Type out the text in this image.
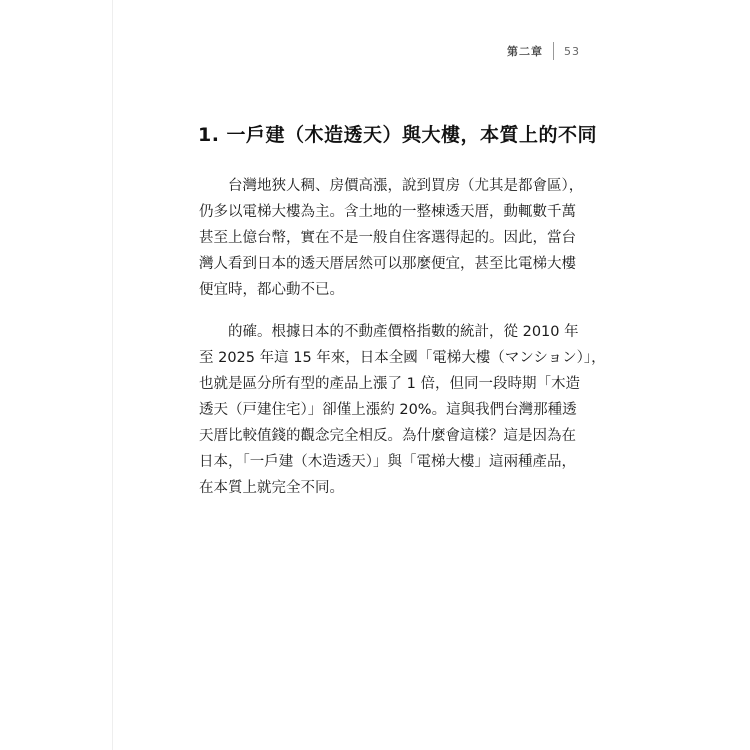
第二章 53
1. 一戶建（木造透天）與大樓，本質上的不同
　　台灣地狹人稠、房價高漲，說到買房（尤其是都會區），
仍多以電梯大樓為主。含土地的一整棟透天厝，動輒數千萬
甚至上億台幣，實在不是一般自住客選得起的。因此，當台
灣人看到日本的透天厝居然可以那麼便宜，甚至比電梯大樓
便宜時，都心動不已。
　　的確。根據日本的不動產價格指數的統計，從 2010 年
至 2025 年這 15 年來，日本全國「電梯大樓（マンション）」，
也就是區分所有型的產品上漲了 1 倍，但同一段時期「木造
透天（戸建住宅）」卻僅上漲約 20%。這與我們台灣那種透
天厝比較值錢的觀念完全相反。為什麼會這樣？這是因為在
日本，「一戶建（木造透天）」與「電梯大樓」這兩種產品，
在本質上就完全不同。
